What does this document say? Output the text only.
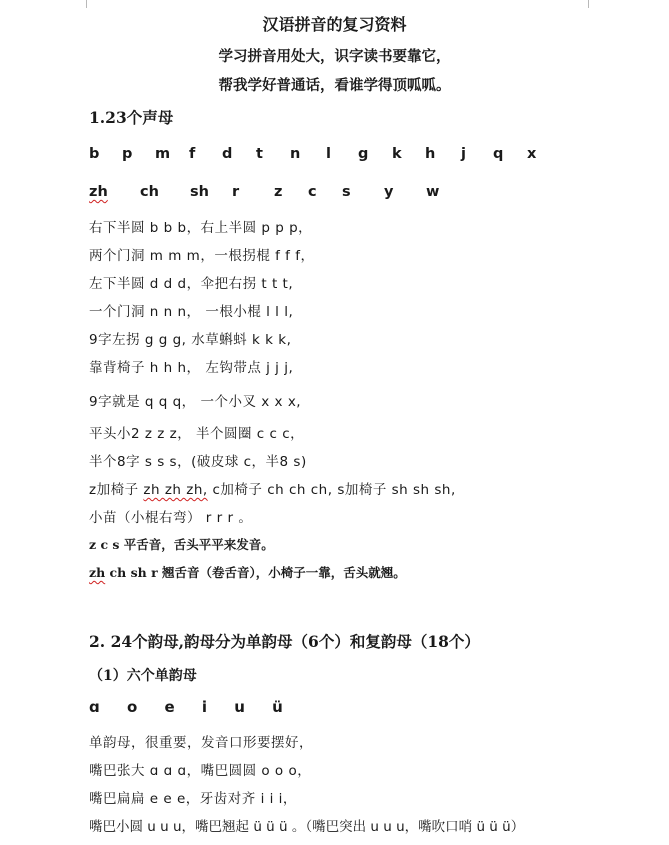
汉语拼音的复习资料
学习拼音用处大，识字读书要靠它，
帮我学好普通话，看谁学得顶呱呱。
1.23个声母
b p m f d t n l g k h j q x
zh ch sh r z c s y w
右下半圆 b b b，右上半圆 p p p，
两个门洞 m m m，一根拐棍 f f f，
左下半圆 d d d，伞把右拐 t t t,
一个门洞 n n n， 一根小棍 l l l,
9字左拐 g g g, 水草蝌蚪 k k k,
靠背椅子 h h h， 左钩带点 j j j,
9字就是 q q q， 一个小叉 x x x,
平头小2 z z z， 半个圆圈 c c c，
半个8字 s s s，(破皮球 c，半8 s)
z加椅子 zh zh zh, c加椅子 ch ch ch, s加椅子 sh sh sh,
小苗（小棍右弯） r r r 。
z c s 平舌音，舌头平平来发音。
zh ch sh r 翘舌音（卷舌音），小椅子一靠，舌头就翘。
2. 24个韵母,韵母分为单韵母（6个）和复韵母（18个）
（1）六个单韵母
ɑ o e i u ü
单韵母，很重要，发音口形要摆好，
嘴巴张大 ɑ ɑ ɑ，嘴巴圆圆 o o o，
嘴巴扁扁 e e e，牙齿对齐 i i i，
嘴巴小圆 u u u，嘴巴翘起 ü ü ü 。（嘴巴突出 u u u，嘴吹口哨 ü ü ü）
